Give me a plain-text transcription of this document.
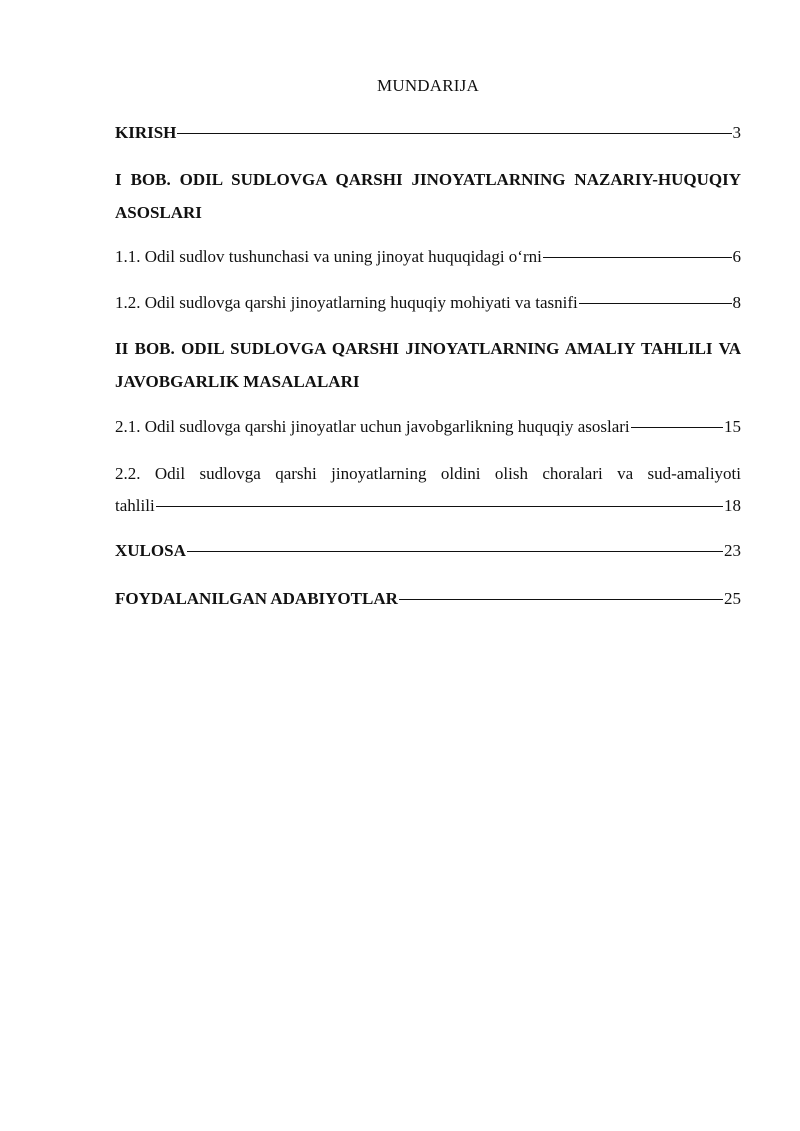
MUNDARIJA
KIRISH	3
I BOB. ODIL SUDLOVGA QARSHI JINOYATLARNING NAZARIY-HUQUQIY ASOSLARI
1.1. Odil sudlov tushunchasi va uning jinoyat huquqidagi o‘rni	6
1.2. Odil sudlovga qarshi jinoyatlarning huquqiy mohiyati va tasnifi	8
II BOB. ODIL SUDLOVGA QARSHI JINOYATLARNING AMALIY TAHLILI VA JAVOBGARLIK MASALALARI
2.1. Odil sudlovga qarshi jinoyatlar uchun javobgarlikning huquqiy asoslari	15
2.2. Odil sudlovga qarshi jinoyatlarning oldini olish choralari va sud-amaliyoti
tahlili	18
XULOSA	23
FOYDALANILGAN ADABIYOTLAR	25
